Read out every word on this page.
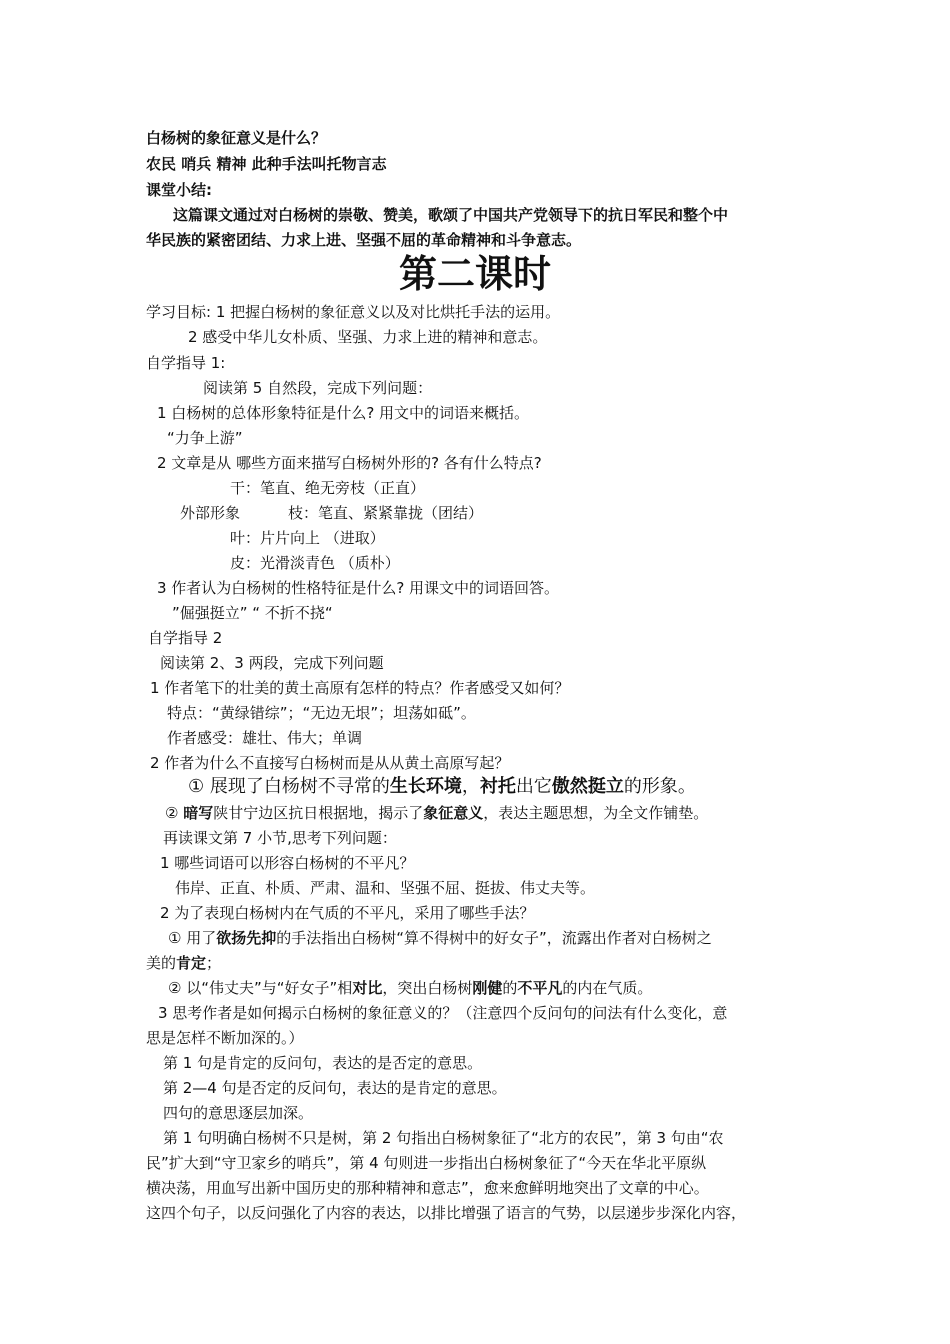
白杨树的象征意义是什么？
农民 哨兵 精神 此种手法叫托物言志
课堂小结:
这篇课文通过对白杨树的崇敬、赞美，歌颂了中国共产党领导下的抗日军民和整个中
华民族的紧密团结、力求上进、坚强不屈的革命精神和斗争意志。
第二课时
学习目标: 1 把握白杨树的象征意义以及对比烘托手法的运用。
2 感受中华儿女朴质、坚强、力求上进的精神和意志。
自学指导 1:
阅读第 5 自然段，完成下列问题：
1 白杨树的总体形象特征是什么? 用文中的词语来概括。
“力争上游”
2 文章是从 哪些方面来描写白杨树外形的? 各有什么特点?
干：笔直、绝无旁枝（正直）
外部形象	枝：笔直、紧紧靠拢（团结）
叶：片片向上 （进取）
皮：光滑淡青色 （质朴）
3 作者认为白杨树的性格特征是什么? 用课文中的词语回答。
”倔强挺立” “ 不折不挠“
自学指导 2
阅读第 2、3 两段，完成下列问题
1 作者笔下的壮美的黄土高原有怎样的特点？作者感受又如何？
特点：“黄绿错综”；“无边无垠”；坦荡如砥”。
作者感受：雄壮、伟大；单调
2 作者为什么不直接写白杨树而是从从黄土高原写起？
① 展现了白杨树不寻常的生长环境，衬托出它傲然挺立的形象。
② 暗写陕甘宁边区抗日根据地，揭示了象征意义，表达主题思想，为全文作铺垫。
再读课文第 7 小节,思考下列问题：
1 哪些词语可以形容白杨树的不平凡？
伟岸、正直、朴质、严肃、温和、坚强不屈、挺拔、伟丈夫等。
2 为了表现白杨树内在气质的不平凡，采用了哪些手法？
① 用了欲扬先抑的手法指出白杨树“算不得树中的好女子”，流露出作者对白杨树之
美的肯定；
② 以“伟丈夫”与“好女子”相对比，突出白杨树刚健的不平凡的内在气质。
3 思考作者是如何揭示白杨树的象征意义的？（注意四个反问句的问法有什么变化，意
思是怎样不断加深的。）
第 1 句是肯定的反问句，表达的是否定的意思。
第 2—4 句是否定的反问句，表达的是肯定的意思。
四句的意思逐层加深。
第 1 句明确白杨树不只是树，第 2 句指出白杨树象征了“北方的农民”，第 3 句由“农
民”扩大到“守卫家乡的哨兵”，第 4 句则进一步指出白杨树象征了“今天在华北平原纵
横决荡，用血写出新中国历史的那种精神和意志”，愈来愈鲜明地突出了文章的中心。
这四个句子，以反问强化了内容的表达，以排比增强了语言的气势，以层递步步深化内容，
